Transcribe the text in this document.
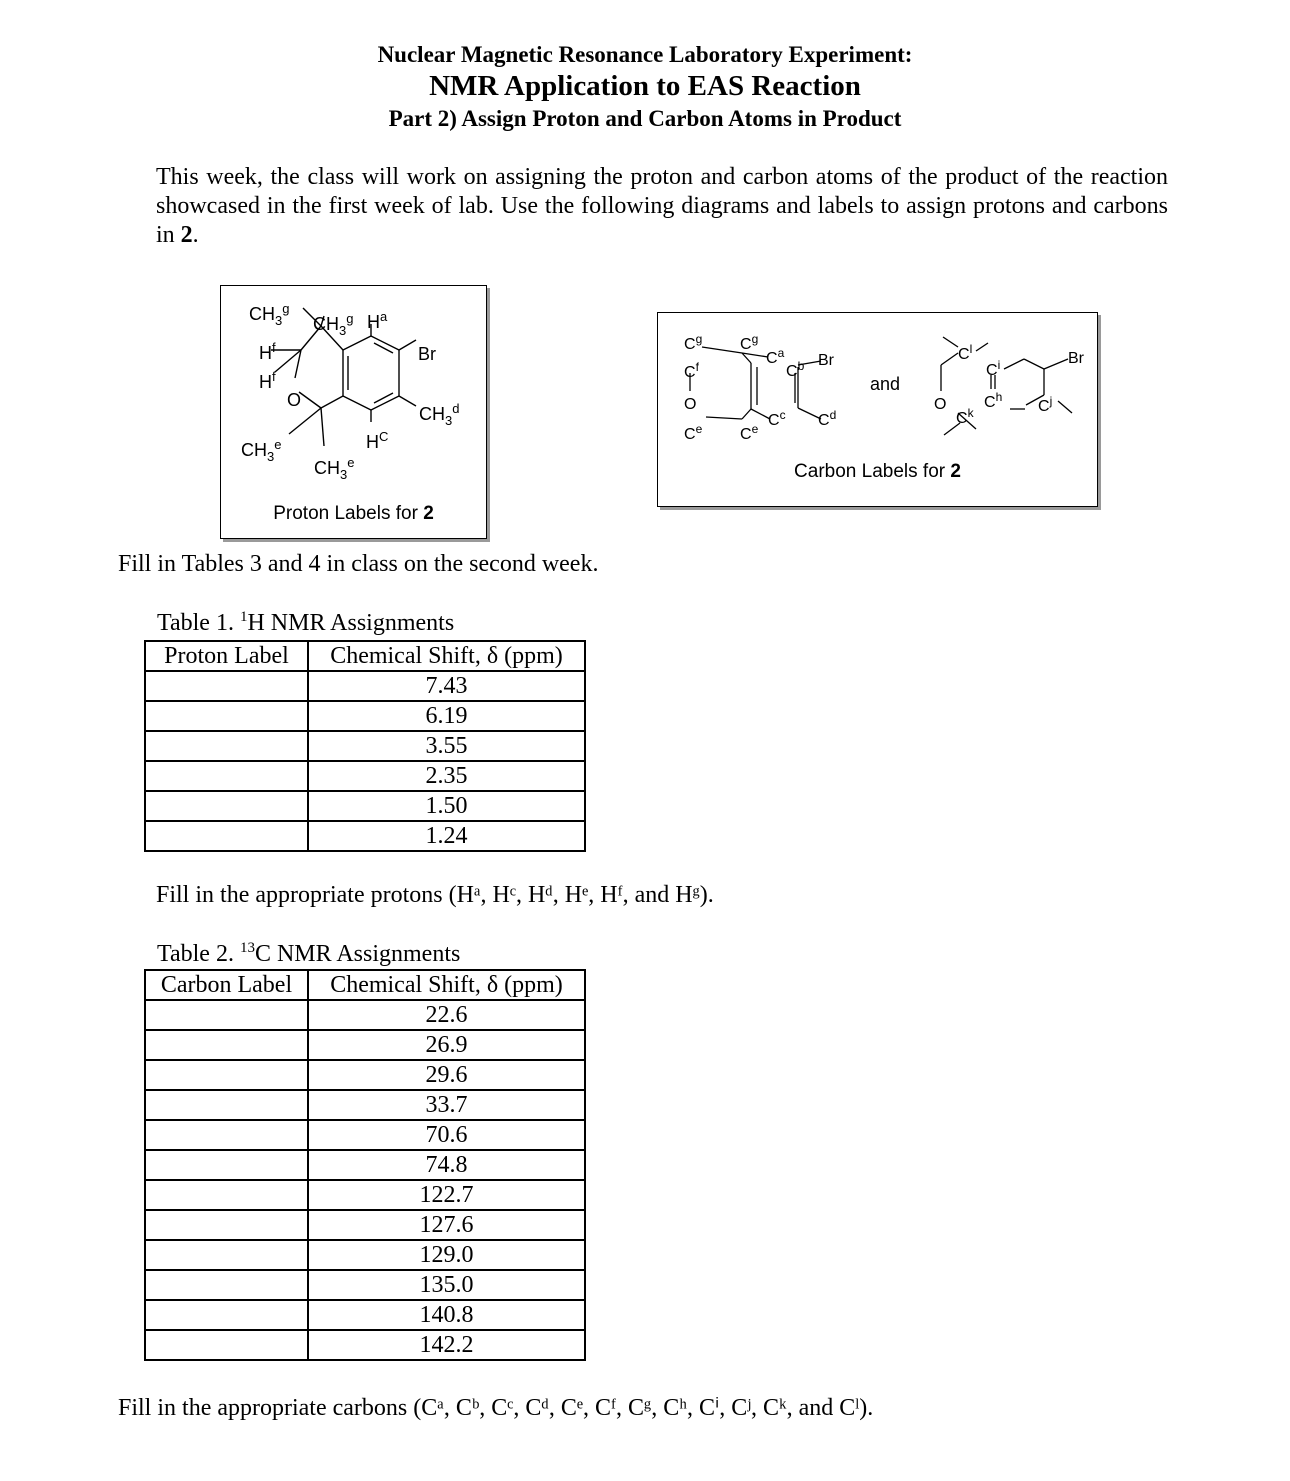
Nuclear Magnetic Resonance Laboratory Experiment:
NMR Application to EAS Reaction
Part 2) Assign Proton and Carbon Atoms in Product
This week, the class will work on assigning the proton and carbon atoms of the product of the reaction showcased in the first week of lab. Use the following diagrams and labels to assign protons and carbons in 2.
$CH_3^g$
$CH_3^g$ $H^a$
$H^f$
$H^f$
O
Br
$CH_3^d$
$H^C$
$CH_3^e$
$CH_3^e$
Proton Labels for 2
$C^g$ $C^g$
$C^f$
O
Ce Ce
$C^a$
$C^b$
$C^c$ $C^d$
Br
and
$C^l$
$C^i$
$C^h$
$C^j$
$C^k$
O
Br
Carbon Labels for 2
Fill in Tables 3 and 4 in class on the second week.
Table 1. $^1$H NMR Assignments
Proton Label	Chemical Shift, δ (ppm)
	7.43
	6.19
	3.55
	2.35
	1.50
	1.24
Fill in the appropriate protons (Hᵃ, Hᶜ, Hᵈ, Hᵉ, Hᶠ, and Hᵍ).
Table 2. $^{13}$C NMR Assignments
Carbon Label	Chemical Shift, δ (ppm)
	22.6
	26.9
	29.6
	33.7
	70.6
	74.8
	122.7
	127.6
	129.0
	135.0
	140.8
	142.2
Fill in the appropriate carbons (Cᵃ, Cᵇ, Cᶜ, Cᵈ, Cᵉ, Cᶠ, Cᵍ, Cʰ, Cⁱ, Cʲ, Cᵏ, and Cˡ).
